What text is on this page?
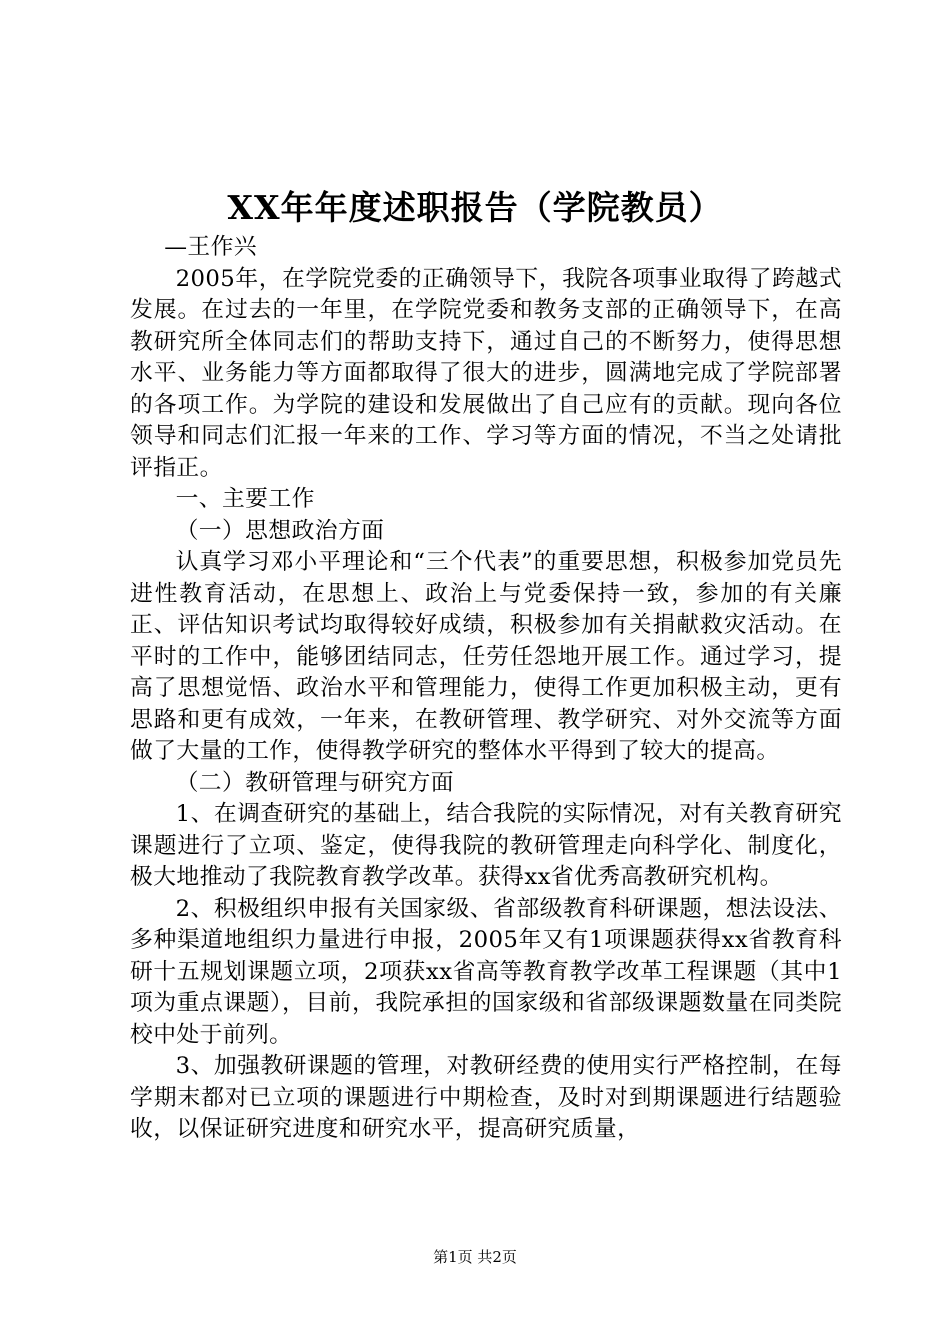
XX年年度述职报告（学院教员）

—王作兴

2005年，在学院党委的正确领导下，我院各项事业取得了跨越式发展。在过去的一年里，在学院党委和教务支部的正确领导下，在高教研究所全体同志们的帮助支持下，通过自己的不断努力，使得思想水平、业务能力等方面都取得了很大的进步，圆满地完成了学院部署的各项工作。为学院的建设和发展做出了自己应有的贡献。现向各位领导和同志们汇报一年来的工作、学习等方面的情况，不当之处请批评指正。

一、主要工作

（一）思想政治方面

认真学习邓小平理论和“三个代表”的重要思想，积极参加党员先进性教育活动，在思想上、政治上与党委保持一致，参加的有关廉正、评估知识考试均取得较好成绩，积极参加有关捐献救灾活动。在平时的工作中，能够团结同志，任劳任怨地开展工作。通过学习，提高了思想觉悟、政治水平和管理能力，使得工作更加积极主动，更有思路和更有成效，一年来，在教研管理、教学研究、对外交流等方面做了大量的工作，使得教学研究的整体水平得到了较大的提高。

（二）教研管理与研究方面

1、在调查研究的基础上，结合我院的实际情况，对有关教育研究课题进行了立项、鉴定，使得我院的教研管理走向科学化、制度化，极大地推动了我院教育教学改革。获得xx省优秀高教研究机构。

2、积极组织申报有关国家级、省部级教育科研课题，想法设法、多种渠道地组织力量进行申报，2005年又有1项课题获得xx省教育科研十五规划课题立项，2项获xx省高等教育教学改革工程课题（其中1项为重点课题），目前，我院承担的国家级和省部级课题数量在同类院校中处于前列。

3、加强教研课题的管理，对教研经费的使用实行严格控制，在每学期末都对已立项的课题进行中期检查，及时对到期课题进行结题验收，以保证研究进度和研究水平，提高研究质量，

第1页 共2页
